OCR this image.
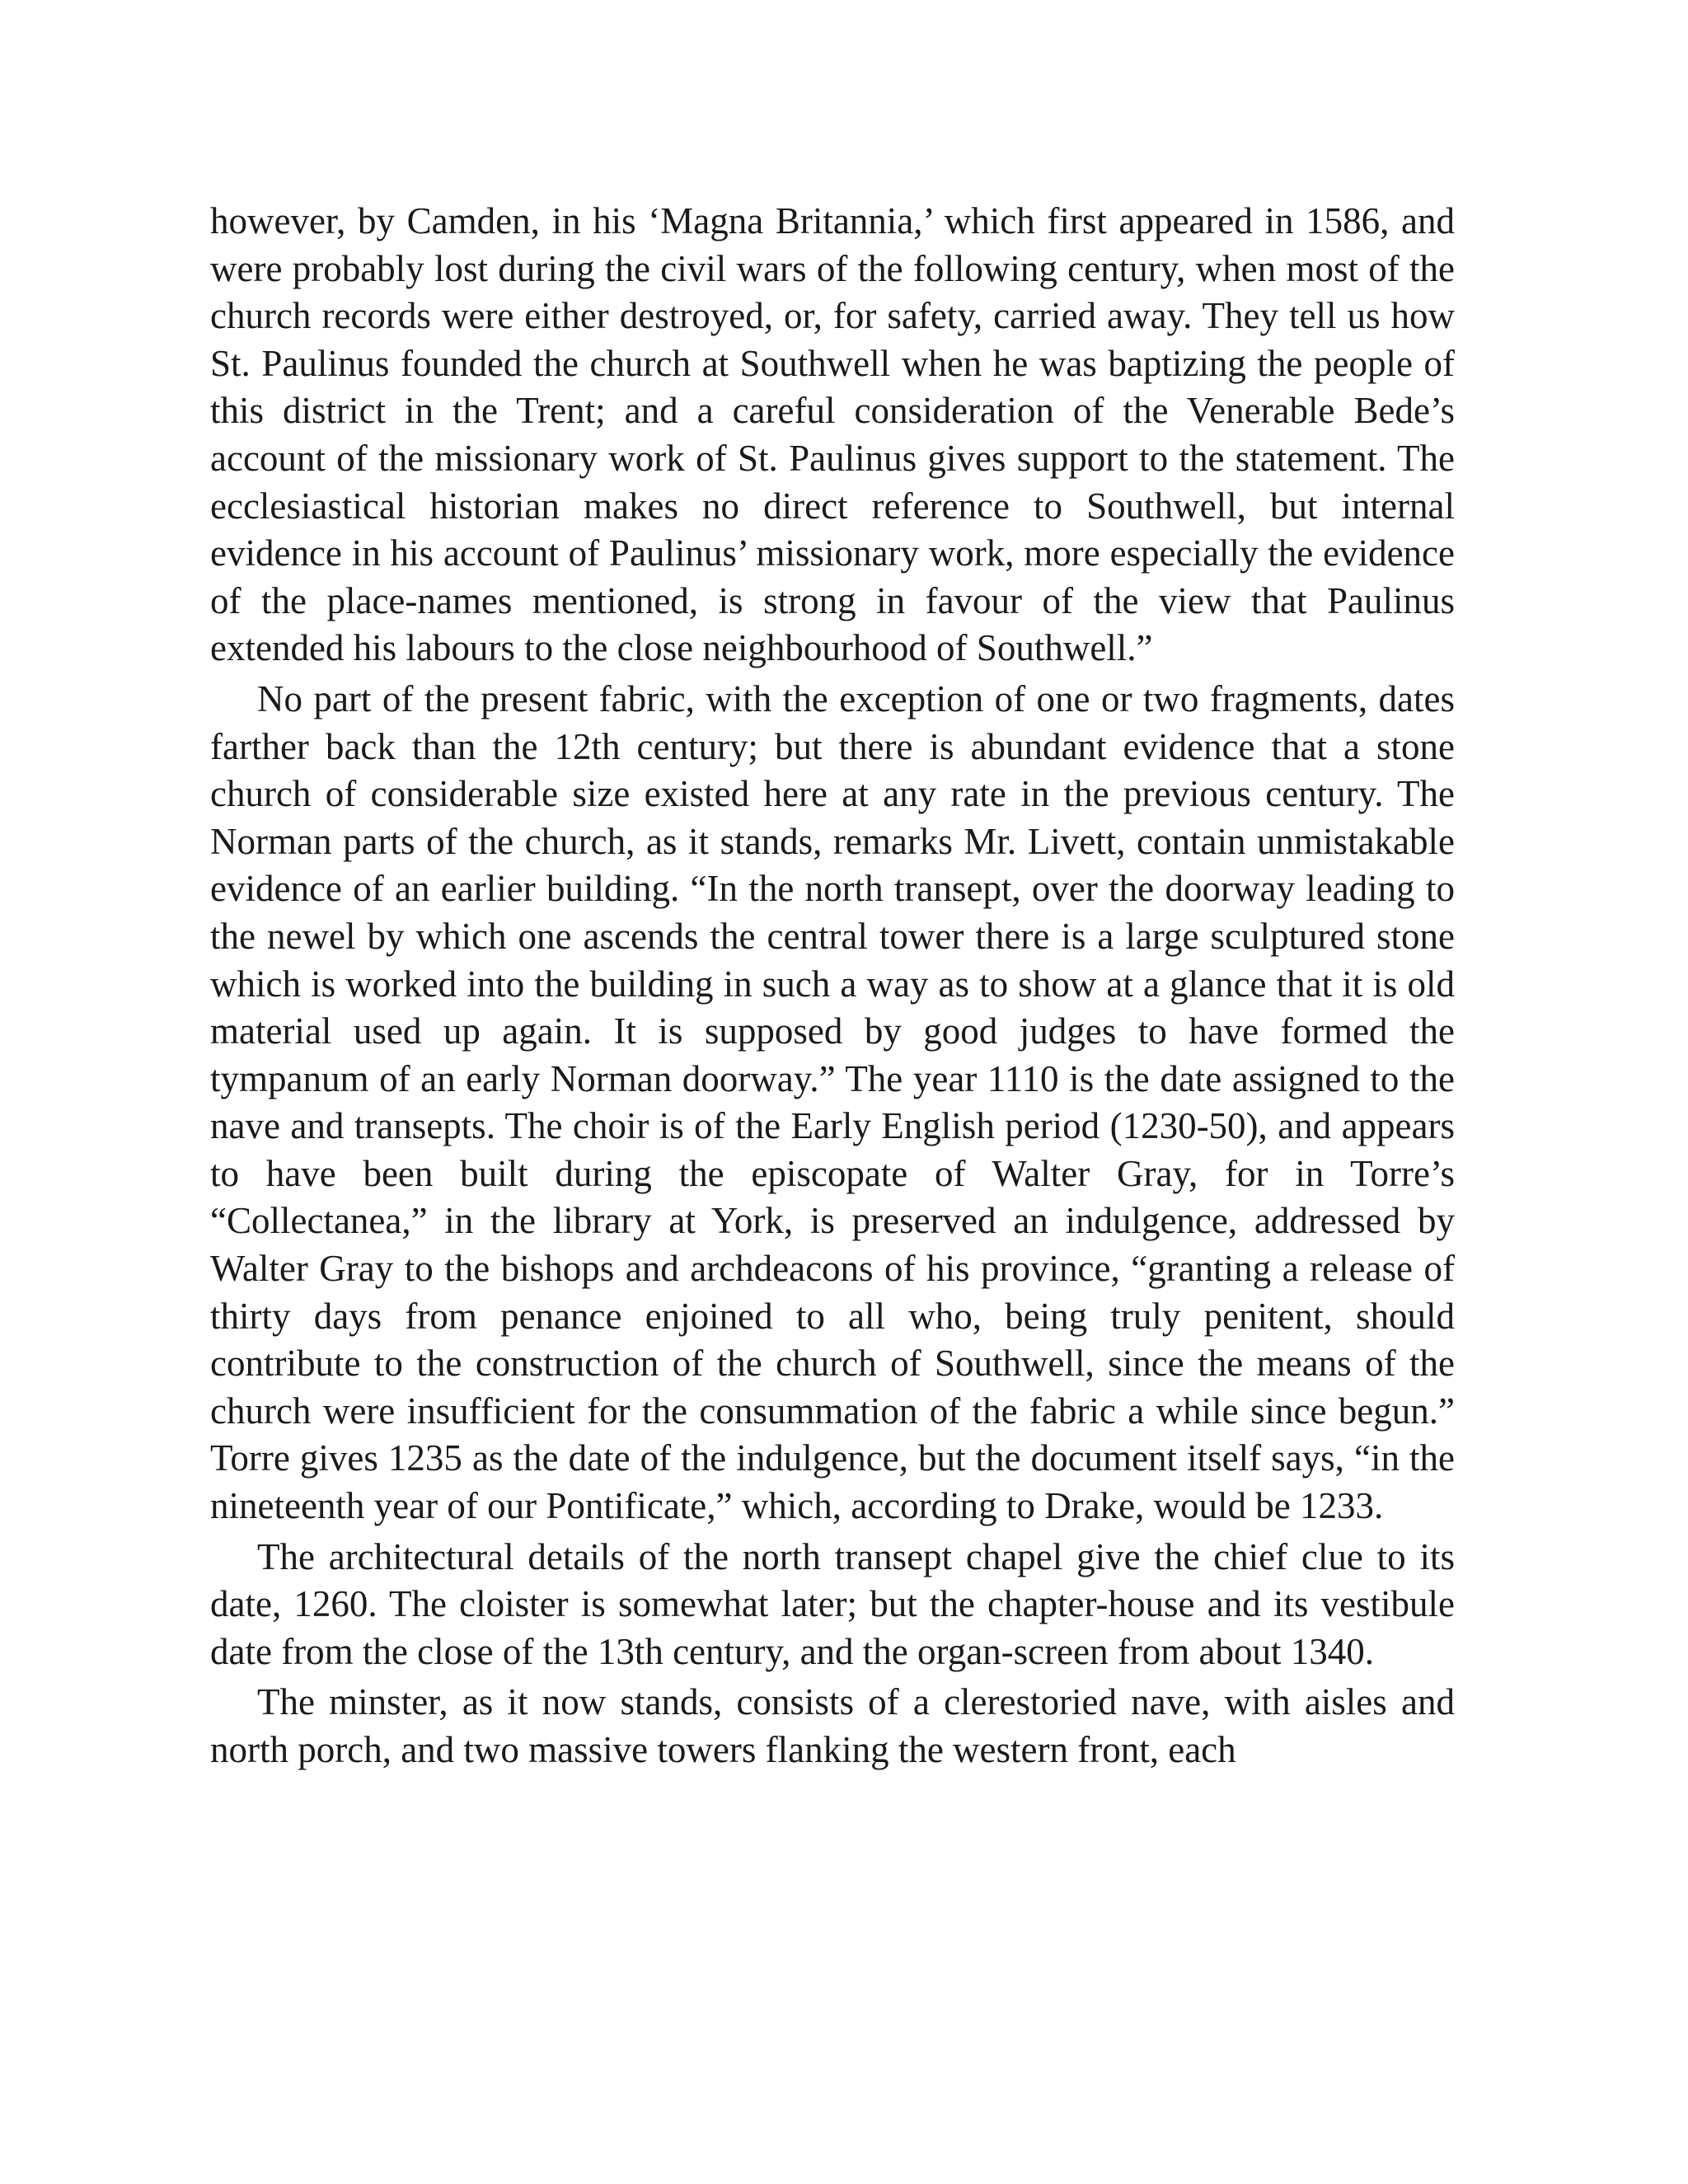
however, by Camden, in his ‘Magna Britannia,’ which first appeared in 1586, and were probably lost during the civil wars of the following century, when most of the church records were either destroyed, or, for safety, carried away. They tell us how St. Paulinus founded the church at Southwell when he was baptizing the people of this district in the Trent; and a careful consideration of the Venerable Bede’s account of the missionary work of St. Paulinus gives support to the statement. The ecclesiastical historian makes no direct reference to Southwell, but internal evidence in his account of Paulinus’ missionary work, more especially the evidence of the place-names mentioned, is strong in favour of the view that Paulinus extended his labours to the close neighbourhood of Southwell.”

No part of the present fabric, with the exception of one or two fragments, dates farther back than the 12th century; but there is abundant evidence that a stone church of considerable size existed here at any rate in the previous century. The Norman parts of the church, as it stands, remarks Mr. Livett, contain unmistakable evidence of an earlier building. “In the north transept, over the doorway leading to the newel by which one ascends the central tower there is a large sculptured stone which is worked into the building in such a way as to show at a glance that it is old material used up again. It is supposed by good judges to have formed the tympanum of an early Norman doorway.” The year 1110 is the date assigned to the nave and transepts. The choir is of the Early English period (1230-50), and appears to have been built during the episcopate of Walter Gray, for in Torre’s “Collectanea,” in the library at York, is preserved an indulgence, addressed by Walter Gray to the bishops and archdeacons of his province, “granting a release of thirty days from penance enjoined to all who, being truly penitent, should contribute to the construction of the church of Southwell, since the means of the church were insufficient for the consummation of the fabric a while since begun.” Torre gives 1235 as the date of the indulgence, but the document itself says, “in the nineteenth year of our Pontificate,” which, according to Drake, would be 1233.

The architectural details of the north transept chapel give the chief clue to its date, 1260. The cloister is somewhat later; but the chapter-house and its vestibule date from the close of the 13th century, and the organ-screen from about 1340.

The minster, as it now stands, consists of a clerestoried nave, with aisles and north porch, and two massive towers flanking the western front, each
